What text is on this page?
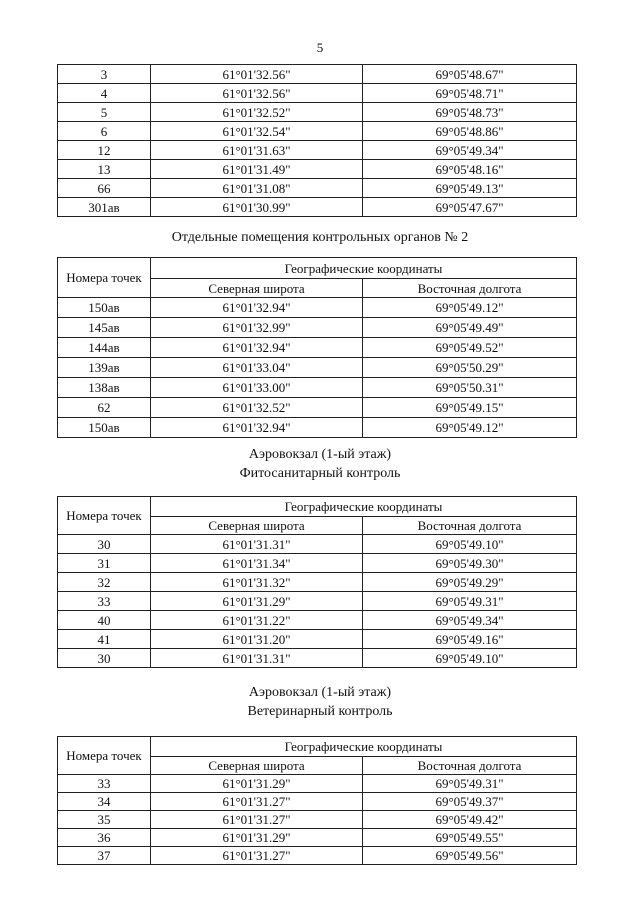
5
3	61°01'32.56"	69°05'48.67"
4	61°01'32.56"	69°05'48.71"
5	61°01'32.52"	69°05'48.73"
6	61°01'32.54"	69°05'48.86"
12	61°01'31.63"	69°05'49.34"
13	61°01'31.49"	69°05'48.16"
66	61°01'31.08"	69°05'49.13"
301ав	61°01'30.99"	69°05'47.67"
Отдельные помещения контрольных органов № 2
Номера точек	Географические координаты	
	Северная широта	Восточная долгота
150ав	61°01'32.94"	69°05'49.12"
145ав	61°01'32.99"	69°05'49.49"
144ав	61°01'32.94"	69°05'49.52"
139ав	61°01'33.04"	69°05'50.29"
138ав	61°01'33.00"	69°05'50.31"
62	61°01'32.52"	69°05'49.15"
150ав	61°01'32.94"	69°05'49.12"
Аэровокзал (1-ый этаж)
Фитосанитарный контроль
Номера точек	Географические координаты	
	Северная широта	Восточная долгота
30	61°01'31.31"	69°05'49.10"
31	61°01'31.34"	69°05'49.30"
32	61°01'31.32"	69°05'49.29"
33	61°01'31.29"	69°05'49.31"
40	61°01'31.22"	69°05'49.34"
41	61°01'31.20"	69°05'49.16"
30	61°01'31.31"	69°05'49.10"
Аэровокзал (1-ый этаж)
Ветеринарный контроль
Номера точек	Географические координаты	
	Северная широта	Восточная долгота
33	61°01'31.29"	69°05'49.31"
34	61°01'31.27"	69°05'49.37"
35	61°01'31.27"	69°05'49.42"
36	61°01'31.29"	69°05'49.55"
37	61°01'31.27"	69°05'49.56"
